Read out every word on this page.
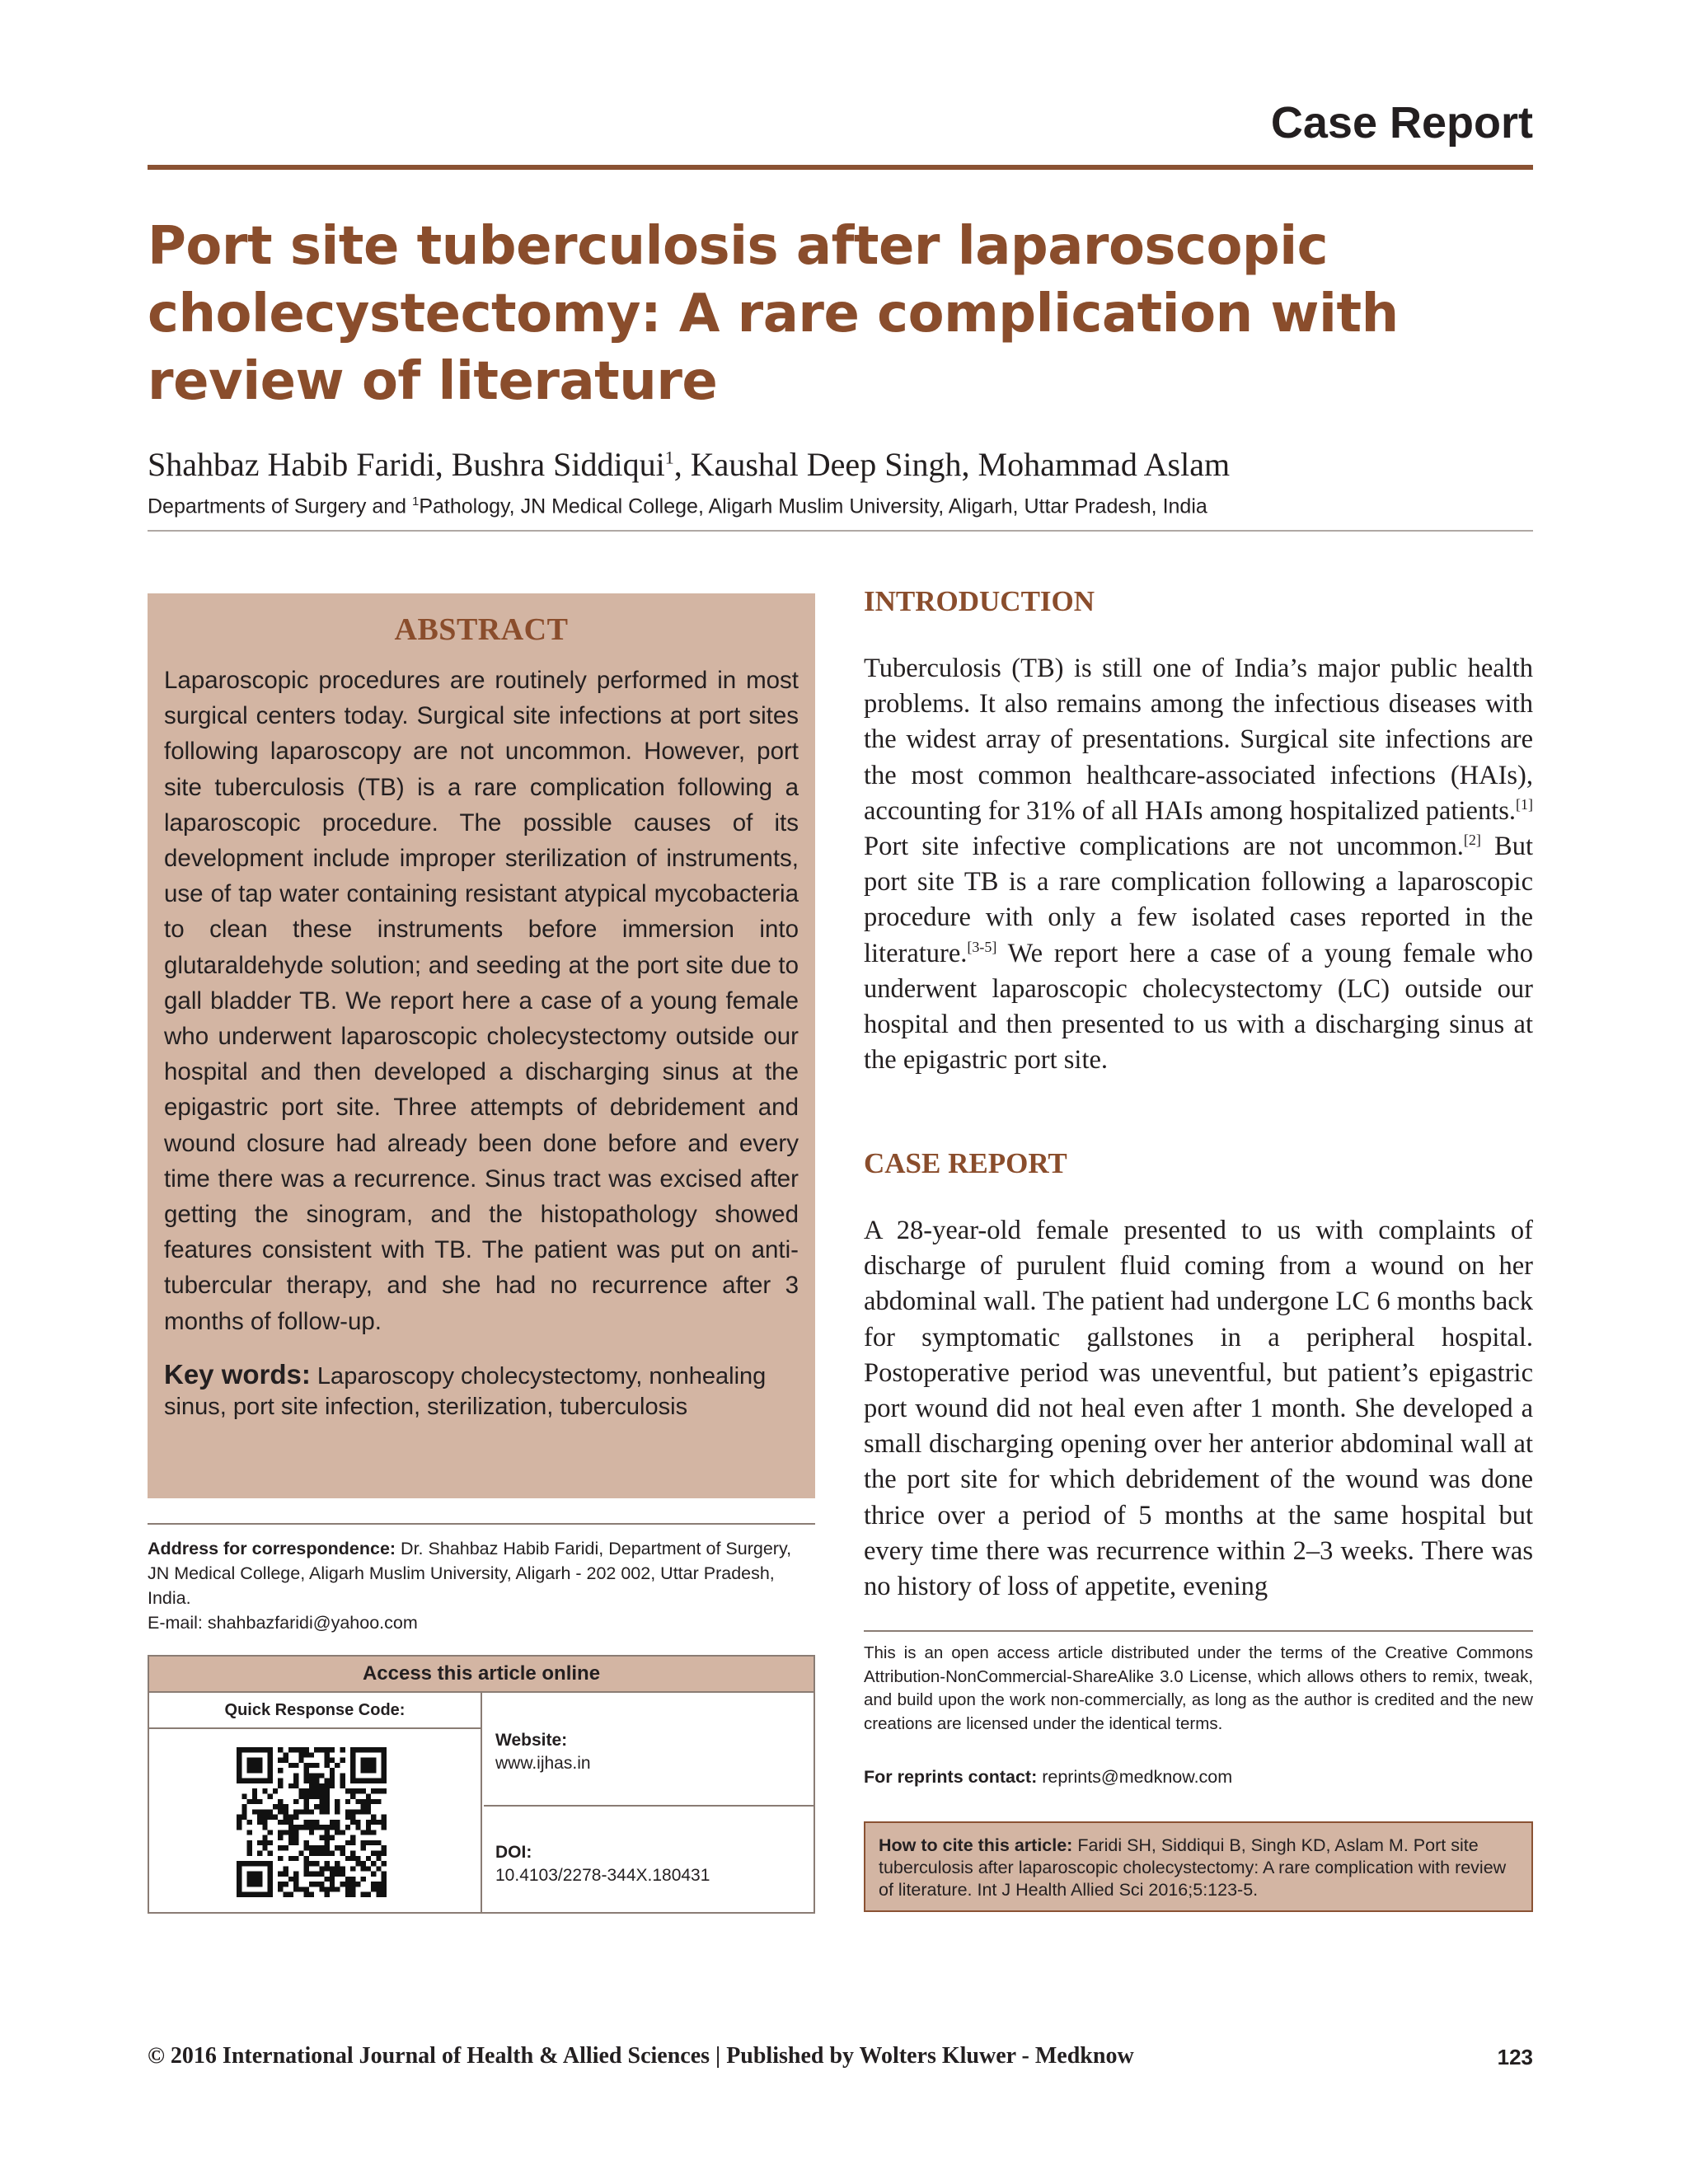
Case Report
Port site tuberculosis after laparoscopic cholecystectomy: A rare complication with review of literature
Shahbaz Habib Faridi, Bushra Siddiqui$^1$, Kaushal Deep Singh, Mohammad Aslam
Departments of Surgery and $^1$Pathology, JN Medical College, Aligarh Muslim University, Aligarh, Uttar Pradesh, India
ABSTRACT

Laparoscopic procedures are routinely performed in most surgical centers today. Surgical site infections at port sites following laparoscopy are not uncommon. However, port site tuberculosis (TB) is a rare complication following a laparoscopic procedure. The possible causes of its development include improper sterilization of instruments, use of tap water containing resistant atypical mycobacteria to clean these instruments before immersion into glutaraldehyde solution; and seeding at the port site due to gall bladder TB. We report here a case of a young female who underwent laparoscopic cholecystectomy outside our hospital and then developed a discharging sinus at the epigastric port site. Three attempts of debridement and wound closure had already been done before and every time there was a recurrence. Sinus tract was excised after getting the sinogram, and the histopathology showed features consistent with TB. The patient was put on anti-tubercular therapy, and she had no recurrence after 3 months of follow-up.

Key words: Laparoscopy cholecystectomy, nonhealing sinus, port site infection, sterilization, tuberculosis

Address for correspondence: Dr. Shahbaz Habib Faridi, Department of Surgery, JN Medical College, Aligarh Muslim University, Aligarh - 202 002, Uttar Pradesh, India.
E-mail: shahbazfaridi@yahoo.com
Access this article online
Quick Response Code:
Website:
www.ijhas.in
DOI:
10.4103/2278-344X.180431
INTRODUCTION

Tuberculosis (TB) is still one of India’s major public health problems. It also remains among the infectious diseases with the widest array of presentations. Surgical site infections are the most common healthcare-associated infections (HAIs), accounting for 31% of all HAIs among hospitalized patients.[1] Port site infective complications are not uncommon.[2] But port site TB is a rare complication following a laparoscopic procedure with only a few isolated cases reported in the literature.[3-5] We report here a case of a young female who underwent laparoscopic cholecystectomy (LC) outside our hospital and then presented to us with a discharging sinus at the epigastric port site.

CASE REPORT

A 28-year-old female presented to us with complaints of discharge of purulent fluid coming from a wound on her abdominal wall. The patient had undergone LC 6 months back for symptomatic gallstones in a peripheral hospital. Postoperative period was uneventful, but patient’s epigastric port wound did not heal even after 1 month. She developed a small discharging opening over her anterior abdominal wall at the port site for which debridement of the wound was done thrice over a period of 5 months at the same hospital but every time there was recurrence within 2–3 weeks. There was no history of loss of appetite, evening

This is an open access article distributed under the terms of the Creative Commons Attribution-NonCommercial-ShareAlike 3.0 License, which allows others to remix, tweak, and build upon the work non-commercially, as long as the author is credited and the new creations are licensed under the identical terms.

For reprints contact: reprints@medknow.com
How to cite this article: Faridi SH, Siddiqui B, Singh KD, Aslam M. Port site tuberculosis after laparoscopic cholecystectomy: A rare complication with review of literature. Int J Health Allied Sci 2016;5:123-5.
© 2016 International Journal of Health & Allied Sciences | Published by Wolters Kluwer - Medknow	123
